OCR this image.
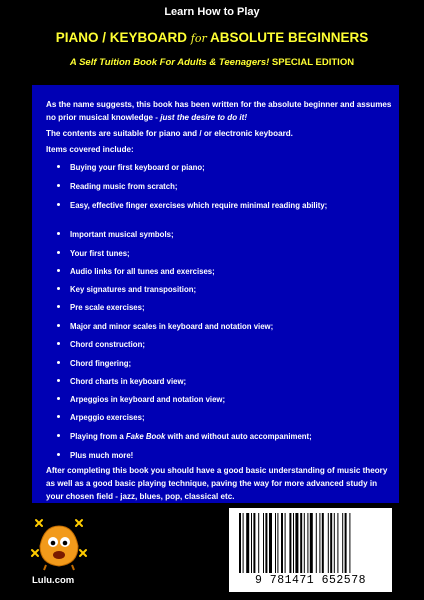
Learn How to Play
PIANO / KEYBOARD for ABSOLUTE BEGINNERS
A Self Tuition Book For Adults & Teenagers! SPECIAL EDITION
As the name suggests, this book has been written for the absolute beginner and assumes no prior musical knowledge - just the desire to do it!
The contents are suitable for piano and / or electronic keyboard.
Items covered include:
Buying your first keyboard or piano;
Reading music from scratch;
Easy, effective finger exercises which require minimal reading ability;
Important musical symbols;
Your first tunes;
Audio links for all tunes and exercises;
Key signatures and transposition;
Pre scale exercises;
Major and minor scales in keyboard and notation view;
Chord construction;
Chord fingering;
Chord charts in keyboard view;
Arpeggios in keyboard and notation view;
Arpeggio exercises;
Playing from a Fake Book with and without auto accompaniment;
Plus much more!
After completing this book you should have a good basic understanding of music theory as well as a good basic playing technique, paving the way for more advanced study in your chosen field - jazz, blues, pop, classical etc.
Lulu.com	9 781471 652578
